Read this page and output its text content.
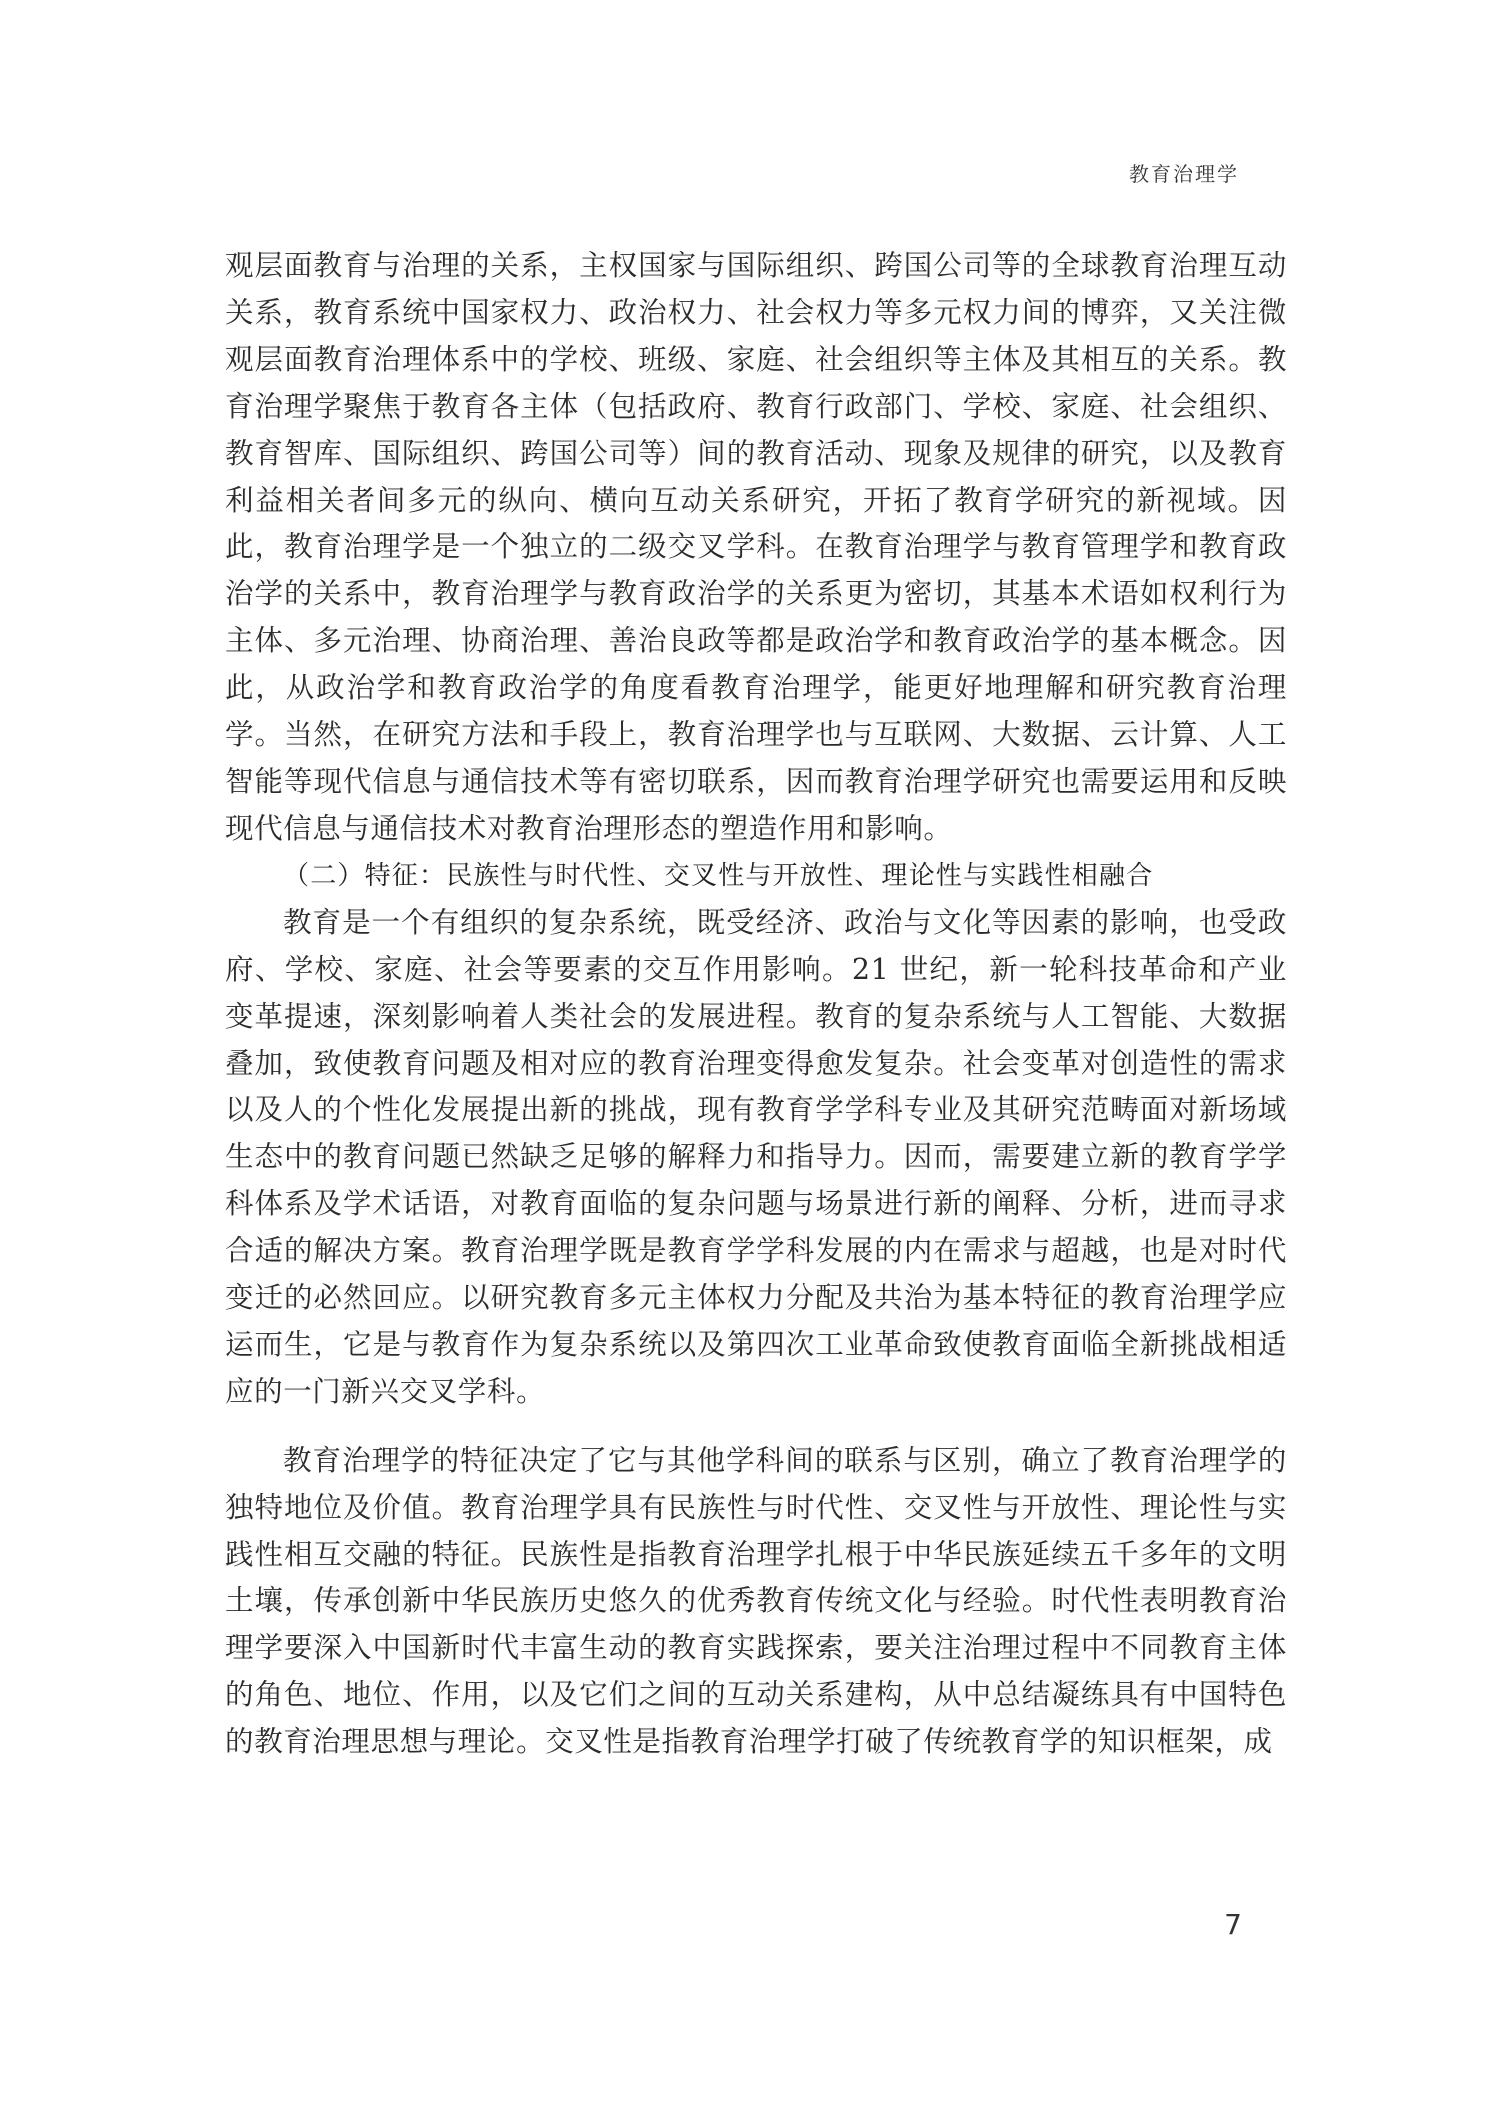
教育治理学

观层面教育与治理的关系，主权国家与国际组织、跨国公司等的全球教育治理互动关系，教育系统中国家权力、政治权力、社会权力等多元权力间的博弈，又关注微观层面教育治理体系中的学校、班级、家庭、社会组织等主体及其相互的关系。教育治理学聚焦于教育各主体（包括政府、教育行政部门、学校、家庭、社会组织、教育智库、国际组织、跨国公司等）间的教育活动、现象及规律的研究，以及教育利益相关者间多元的纵向、横向互动关系研究，开拓了教育学研究的新视域。因此，教育治理学是一个独立的二级交叉学科。在教育治理学与教育管理学和教育政治学的关系中，教育治理学与教育政治学的关系更为密切，其基本术语如权利行为主体、多元治理、协商治理、善治良政等都是政治学和教育政治学的基本概念。因此，从政治学和教育政治学的角度看教育治理学，能更好地理解和研究教育治理学。当然，在研究方法和手段上，教育治理学也与互联网、大数据、云计算、人工智能等现代信息与通信技术等有密切联系，因而教育治理学研究也需要运用和反映现代信息与通信技术对教育治理形态的塑造作用和影响。

（二）特征：民族性与时代性、交叉性与开放性、理论性与实践性相融合

教育是一个有组织的复杂系统，既受经济、政治与文化等因素的影响，也受政府、学校、家庭、社会等要素的交互作用影响。21 世纪，新一轮科技革命和产业变革提速，深刻影响着人类社会的发展进程。教育的复杂系统与人工智能、大数据叠加，致使教育问题及相对应的教育治理变得愈发复杂。社会变革对创造性的需求以及人的个性化发展提出新的挑战，现有教育学学科专业及其研究范畴面对新场域生态中的教育问题已然缺乏足够的解释力和指导力。因而，需要建立新的教育学学科体系及学术话语，对教育面临的复杂问题与场景进行新的阐释、分析，进而寻求合适的解决方案。教育治理学既是教育学学科发展的内在需求与超越，也是对时代变迁的必然回应。以研究教育多元主体权力分配及共治为基本特征的教育治理学应运而生，它是与教育作为复杂系统以及第四次工业革命致使教育面临全新挑战相适应的一门新兴交叉学科。

教育治理学的特征决定了它与其他学科间的联系与区别，确立了教育治理学的独特地位及价值。教育治理学具有民族性与时代性、交叉性与开放性、理论性与实践性相互交融的特征。民族性是指教育治理学扎根于中华民族延续五千多年的文明土壤，传承创新中华民族历史悠久的优秀教育传统文化与经验。时代性表明教育治理学要深入中国新时代丰富生动的教育实践探索，要关注治理过程中不同教育主体的角色、地位、作用，以及它们之间的互动关系建构，从中总结凝练具有中国特色的教育治理思想与理论。交叉性是指教育治理学打破了传统教育学的知识框架，成

7
